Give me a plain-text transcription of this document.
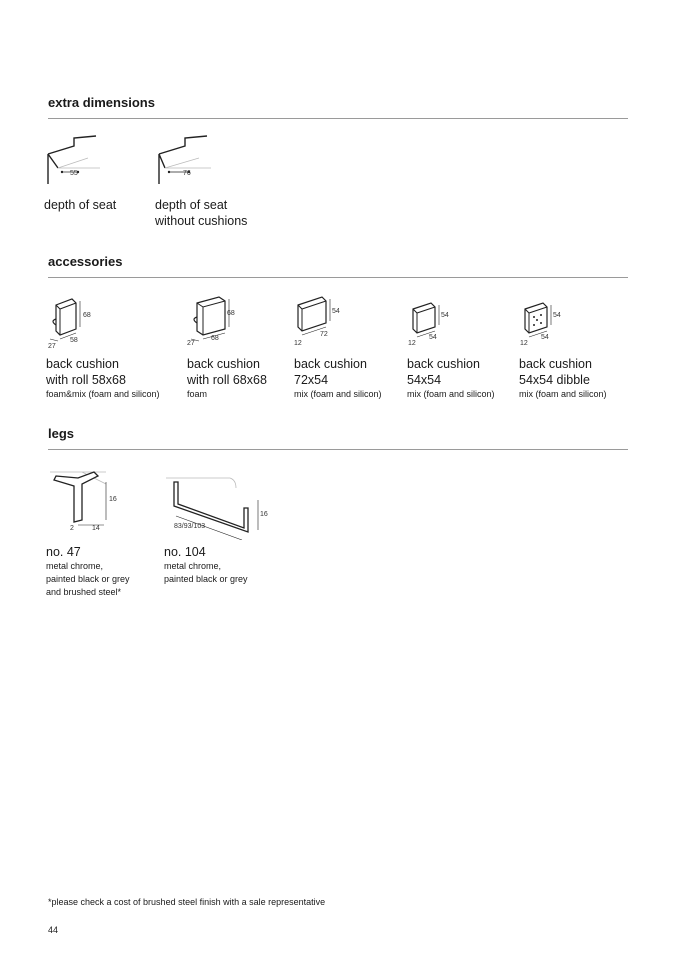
extra dimensions
55

depth of seat

76

depth of seat

without cushions

accessories
68
58
27

back cushion

with roll 58x68

foam&mix (foam and silicon)

68
68
27

back cushion

with roll 68x68

foam

54
72
12

back cushion

72x54

mix (foam and silicon)

54
54
12

back cushion

54x54

mix (foam and silicon)

54
54
12

back cushion

54x54 dibble

mix (foam and silicon)

legs
16
14
2

no. 47

metal chrome,

painted black or grey

and brushed steel*

16
83/93/103

no. 104

metal chrome,

painted black or grey

*please check a cost of brushed steel finish with a sale representative

44
